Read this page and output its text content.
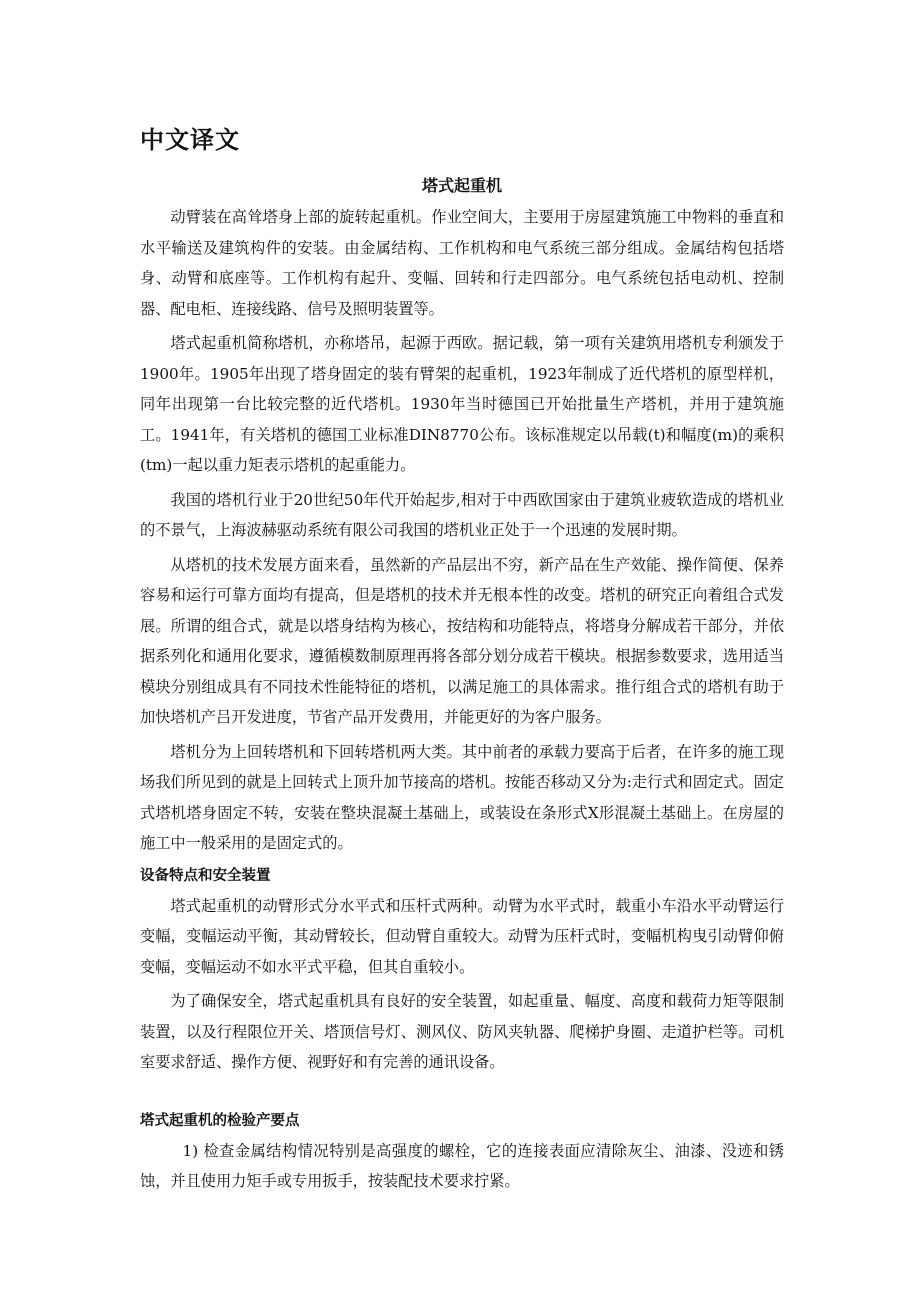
中文译文
塔式起重机

动臂装在高耸塔身上部的旋转起重机。作业空间大，主要用于房屋建筑施工中物料的垂直和水平输送及建筑构件的安装。由金属结构、工作机构和电气系统三部分组成。金属结构包括塔身、动臂和底座等。工作机构有起升、变幅、回转和行走四部分。电气系统包括电动机、控制器、配电柜、连接线路、信号及照明装置等。

塔式起重机简称塔机，亦称塔吊，起源于西欧。据记载，第一项有关建筑用塔机专利颁发于1900年。1905年出现了塔身固定的装有臂架的起重机，1923年制成了近代塔机的原型样机，同年出现第一台比较完整的近代塔机。1930年当时德国已开始批量生产塔机，并用于建筑施工。1941年，有关塔机的德国工业标准DIN8770公布。该标准规定以吊载(t)和幅度(m)的乘积(tm)一起以重力矩表示塔机的起重能力。

我国的塔机行业于20世纪50年代开始起步,相对于中西欧国家由于建筑业疲软造成的塔机业的不景气，上海波赫驱动系统有限公司我国的塔机业正处于一个迅速的发展时期。

从塔机的技术发展方面来看，虽然新的产品层出不穷，新产品在生产效能、操作简便、保养容易和运行可靠方面均有提高，但是塔机的技术并无根本性的改变。塔机的研究正向着组合式发展。所谓的组合式，就是以塔身结构为核心，按结构和功能特点，将塔身分解成若干部分，并依据系列化和通用化要求，遵循模数制原理再将各部分划分成若干模块。根据参数要求，选用适当模块分别组成具有不同技术性能特征的塔机，以满足施工的具体需求。推行组合式的塔机有助于加快塔机产吕开发进度，节省产品开发费用，并能更好的为客户服务。

塔机分为上回转塔机和下回转塔机两大类。其中前者的承载力要高于后者，在许多的施工现场我们所见到的就是上回转式上顶升加节接高的塔机。按能否移动又分为:走行式和固定式。固定式塔机塔身固定不转，安装在整块混凝土基础上，或装设在条形式X形混凝土基础上。在房屋的施工中一般采用的是固定式的。

设备特点和安全装置

塔式起重机的动臂形式分水平式和压杆式两种。动臂为水平式时，载重小车沿水平动臂运行变幅，变幅运动平衡，其动臂较长，但动臂自重较大。动臂为压杆式时，变幅机构曳引动臂仰俯变幅，变幅运动不如水平式平稳，但其自重较小。

为了确保安全，塔式起重机具有良好的安全装置，如起重量、幅度、高度和载荷力矩等限制装置，以及行程限位开关、塔顶信号灯、测风仪、防风夹轨器、爬梯护身圈、走道护栏等。司机室要求舒适、操作方便、视野好和有完善的通讯设备。

塔式起重机的检验产要点

1) 检查金属结构情况特别是高强度的螺栓，它的连接表面应清除灰尘、油漆、没迹和锈蚀，并且使用力矩手或专用扳手，按装配技术要求拧紧。
